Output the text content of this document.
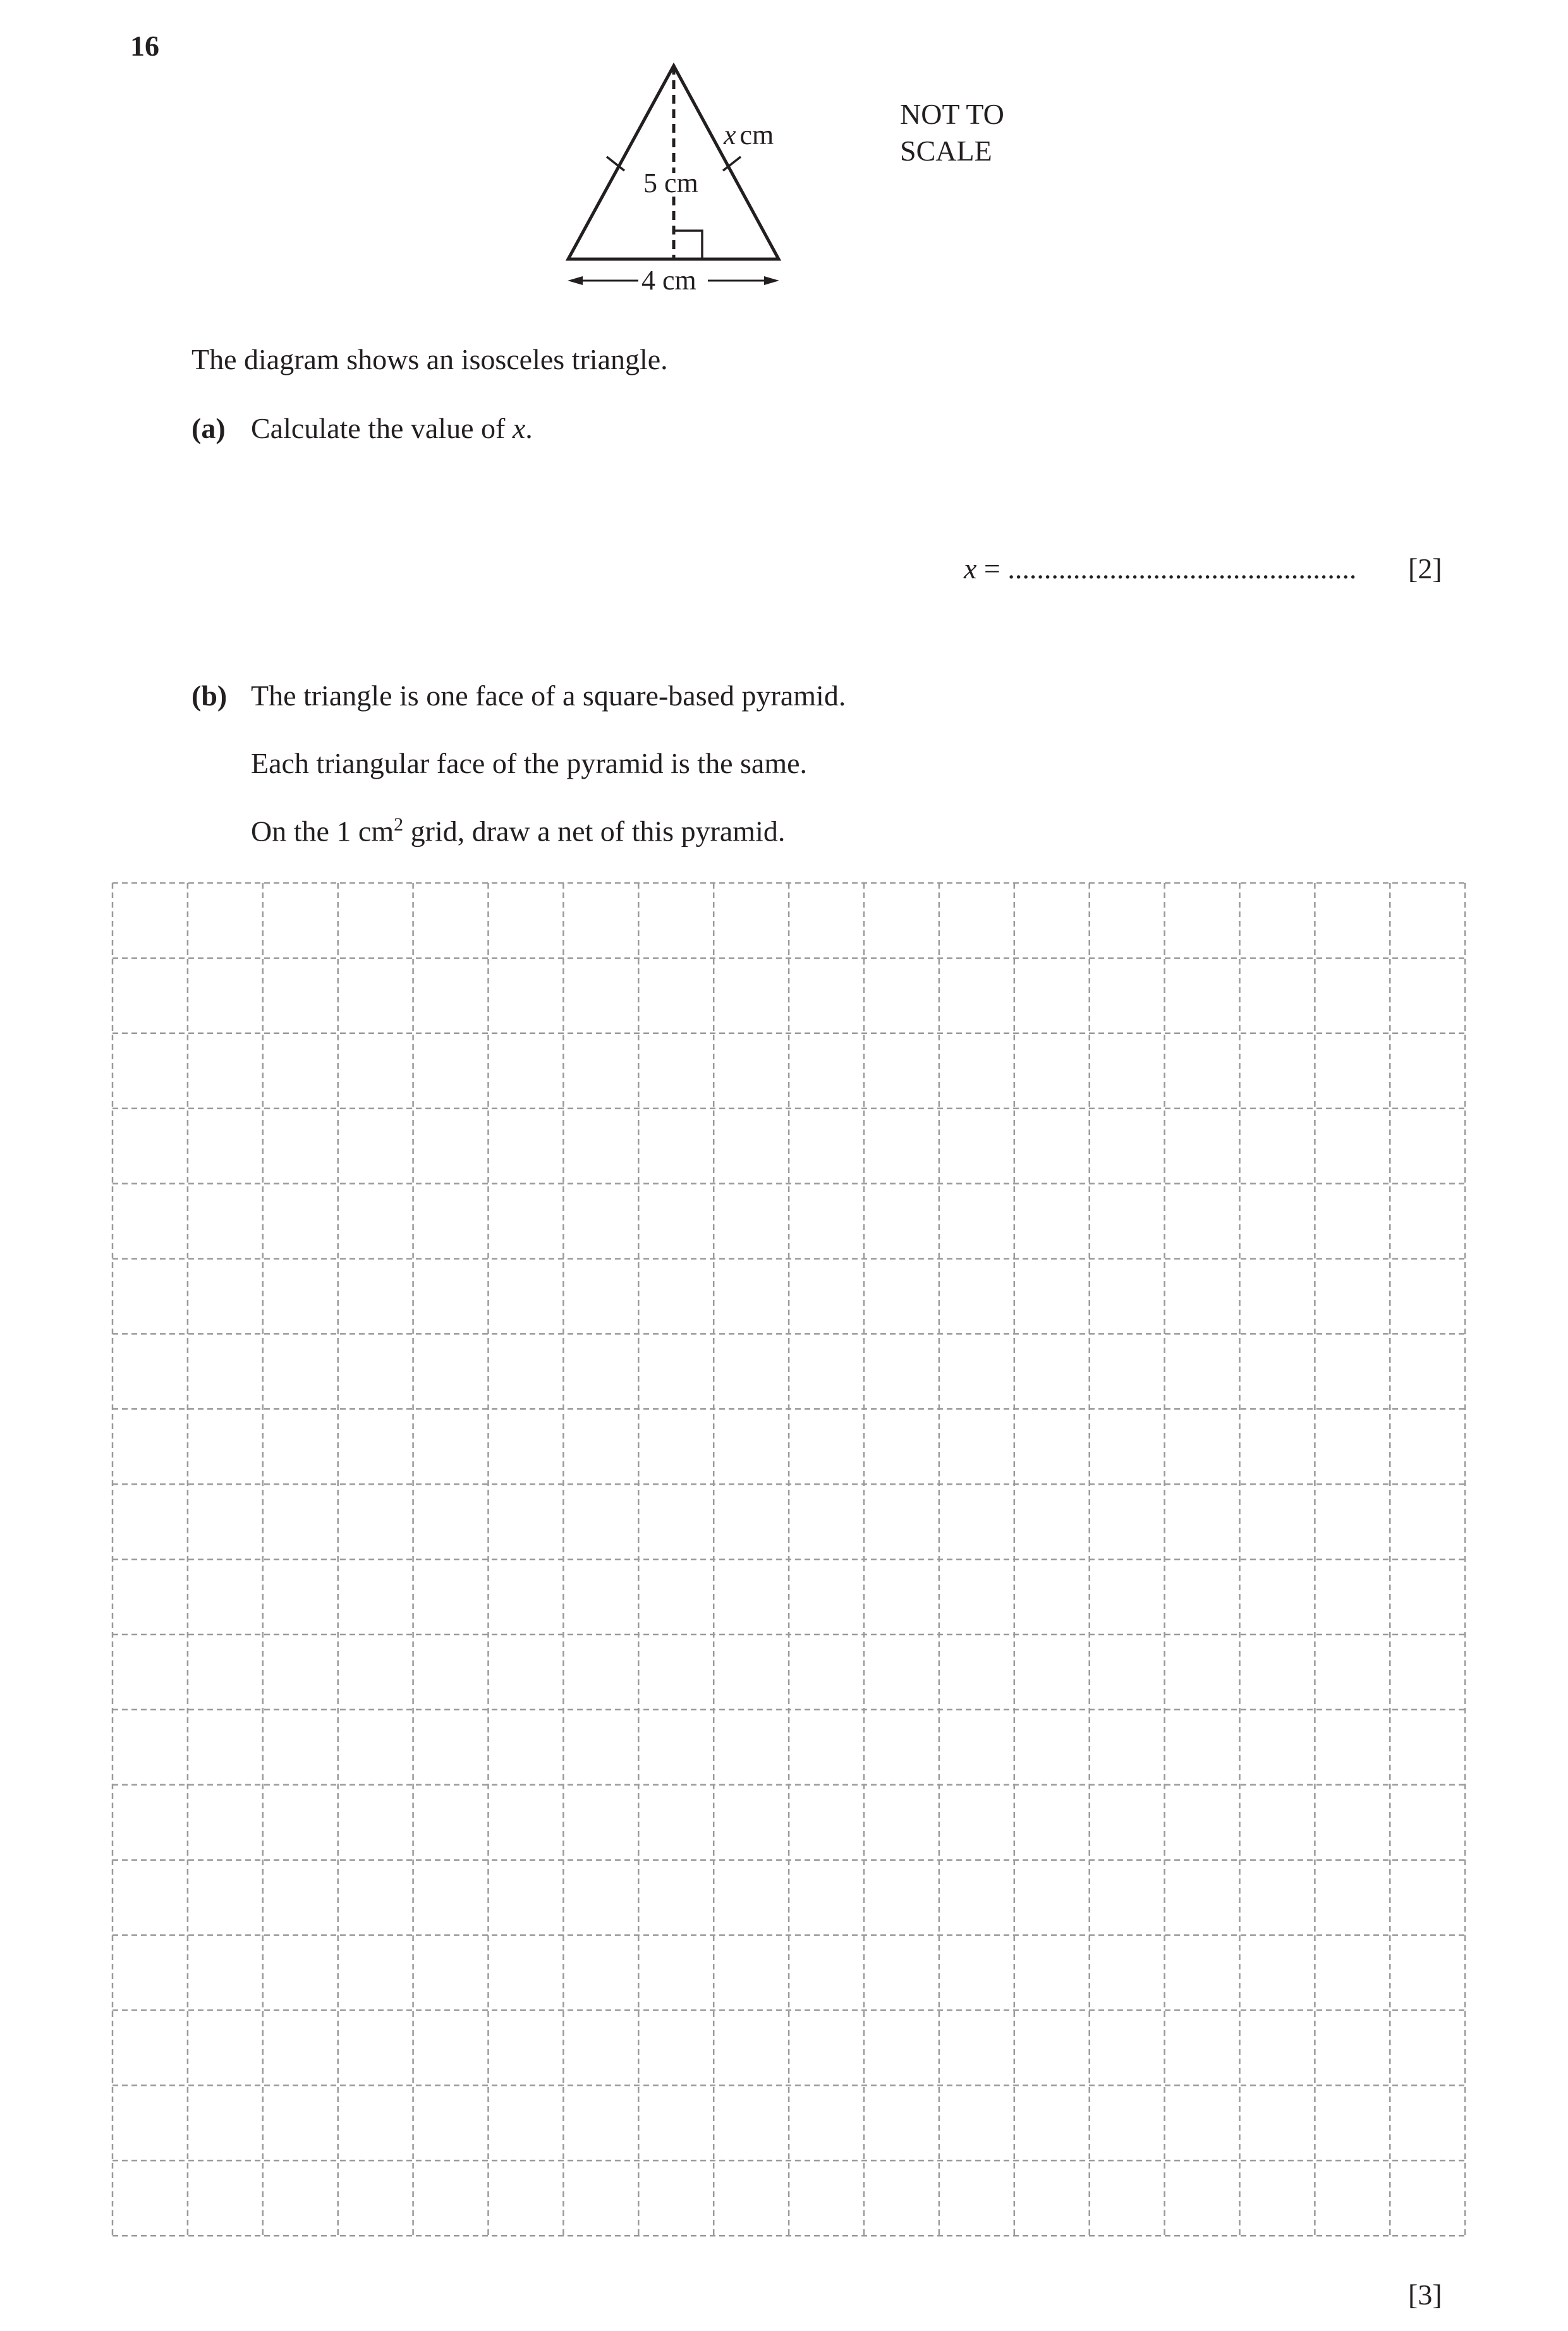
16
x cm
5 cm
4 cm
NOT TO
SCALE
The diagram shows an isosceles triangle.
(a) Calculate the value of x.
x = ................................................ [2]
(b) The triangle is one face of a square-based pyramid.
Each triangular face of the pyramid is the same.
On the 1 $cm^2$ grid, draw a net of this pyramid.
[3]
